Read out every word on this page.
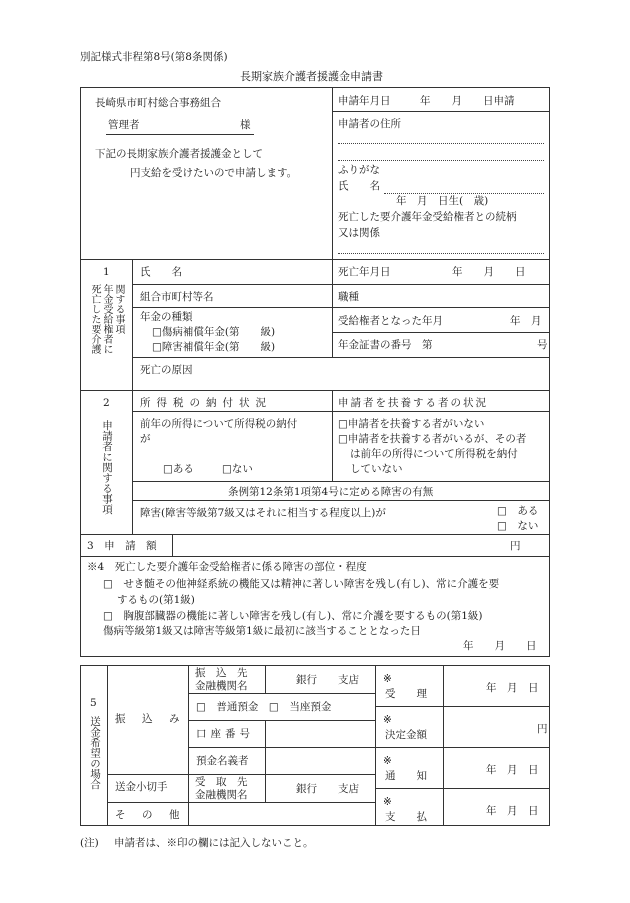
別記様式非程第8号(第8条関係)
長期家族介護者援護金申請書
長崎県市町村総合事務組合
管理者	様
下記の長期家族介護者援護金として
円支給を受けたいので申請します。
申請年月日	年　　月　　日申請
申請者の住所
ふりがな
氏　　名
年　月　日生(　歳)
死亡した要介護年金受給権者との続柄
又は関係
1
死亡した要介護 年金受給権者に 関する事項
氏　　名	死亡年月日	年　　月　　日
組合市町村等名	職種
年金の種類
□傷病補償年金(第　　級)
□障害補償年金(第　　級)
受給権者となった年月	年　月
年金証書の番号　第	号
死亡の原因
2
申請者に関する事項
所得税の納付状況	申請者を扶養する者の状況
前年の所得について所得税の納付
が
□ある	□ない
□申請者を扶養する者がいない
□申請者を扶養する者がいるが、その者
は前年の所得について所得税を納付
していない
条例第12条第1項第4号に定める障害の有無
障害(障害等級第7級又はそれに相当する程度以上)が	□　ある
□　ない
3　申　請　額	円
※4　死亡した要介護年金受給権者に係る障害の部位・程度
□　せき髄その他神経系統の機能又は精神に著しい障害を残し(有し)、常に介護を要
するもの(第1級)
□　胸腹部臓器の機能に著しい障害を残し(有し)、常に介護を要するもの(第1級)
傷病等級第1級又は障害等級第1級に最初に該当することとなった日
年　　月　　日
5
送金希望の場合 振　込　み
送金小切手
そ　の　他
振　込　先
金融機関名	銀行　　支店
□　普通預金　□　当座預金
口座番号
預金名義者
受　取　先
金融機関名	銀行　　支店
※
受　　理	年　月　日
※
決定金額	円
※
通　　知	年　月　日
※
支　　払	年　月　日
(注) 申請者は、※印の欄には記入しないこと。
